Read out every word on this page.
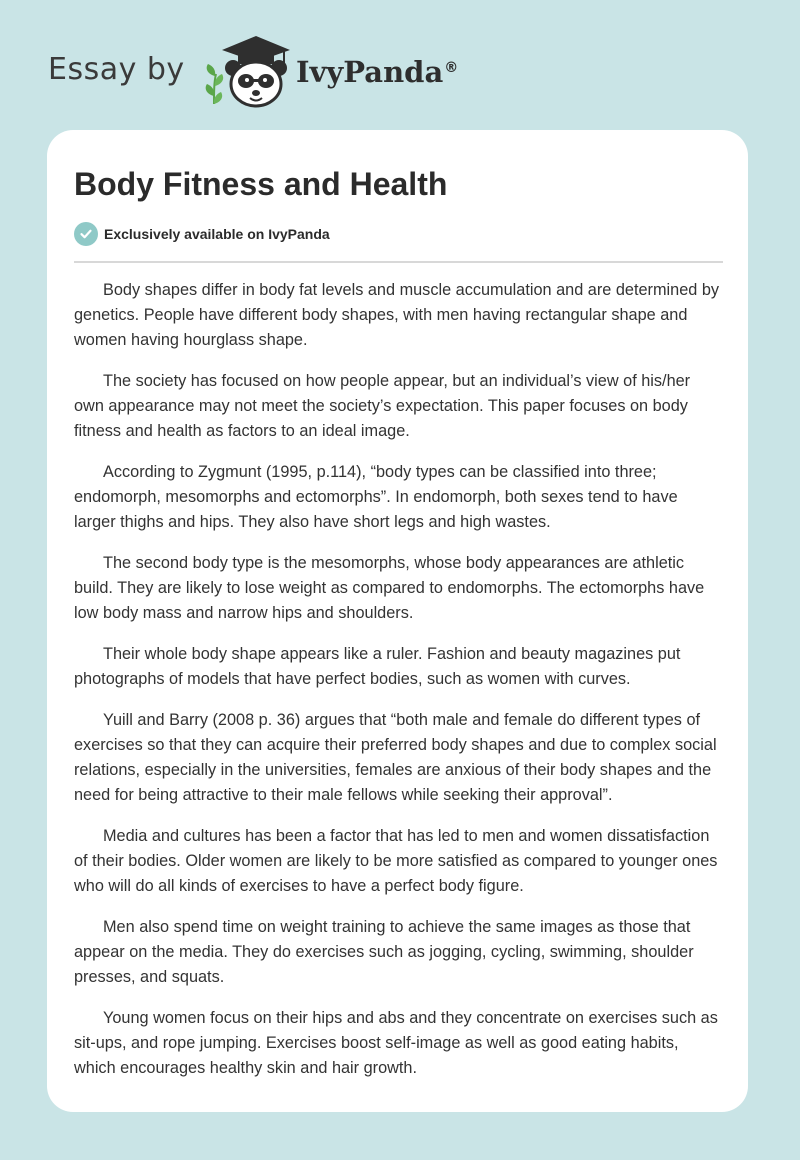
Essay by	IvyPanda®
Body Fitness and Health
Exclusively available on IvyPanda

Body shapes differ in body fat levels and muscle accumulation and are determined by genetics. People have different body shapes, with men having rectangular shape and women having hourglass shape.

The society has focused on how people appear, but an individual’s view of his/her own appearance may not meet the society’s expectation. This paper focuses on body fitness and health as factors to an ideal image.

According to Zygmunt (1995, p.114), “body types can be classified into three; endomorph, mesomorphs and ectomorphs”. In endomorph, both sexes tend to have larger thighs and hips. They also have short legs and high wastes.

The second body type is the mesomorphs, whose body appearances are athletic build. They are likely to lose weight as compared to endomorphs. The ectomorphs have low body mass and narrow hips and shoulders.

Their whole body shape appears like a ruler. Fashion and beauty magazines put photographs of models that have perfect bodies, such as women with curves.

Yuill and Barry (2008 p. 36) argues that “both male and female do different types of exercises so that they can acquire their preferred body shapes and due to complex social relations, especially in the universities, females are anxious of their body shapes and the need for being attractive to their male fellows while seeking their approval”.

Media and cultures has been a factor that has led to men and women dissatisfaction of their bodies. Older women are likely to be more satisfied as compared to younger ones who will do all kinds of exercises to have a perfect body figure.

Men also spend time on weight training to achieve the same images as those that appear on the media. They do exercises such as jogging, cycling, swimming, shoulder presses, and squats.

Young women focus on their hips and abs and they concentrate on exercises such as sit-ups, and rope jumping. Exercises boost self-image as well as good eating habits, which encourages healthy skin and hair growth.
